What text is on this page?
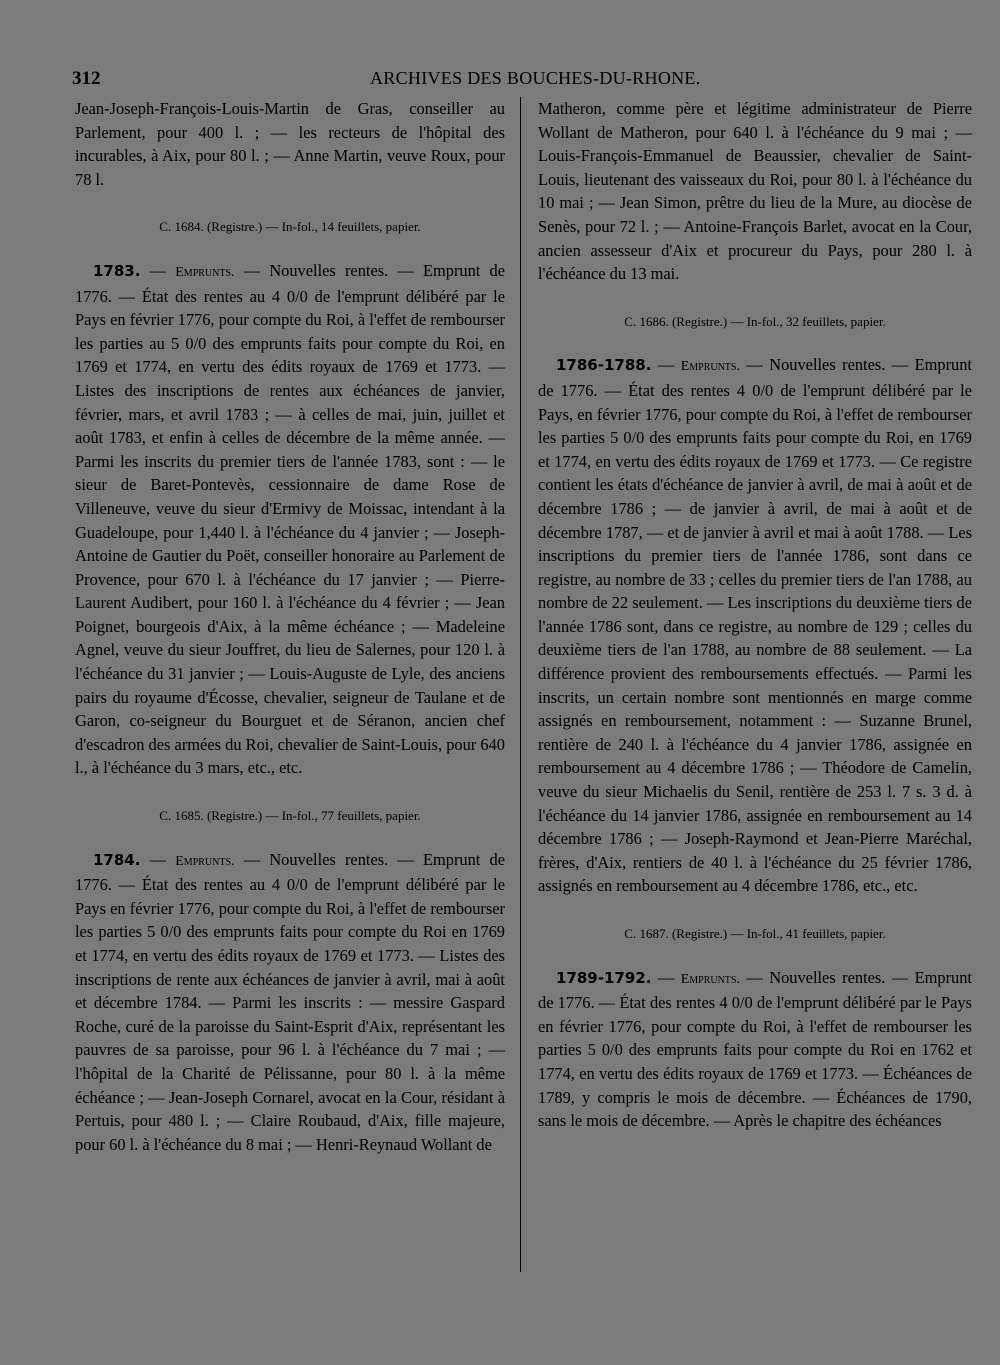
312	ARCHIVES DES BOUCHES-DU-RHONE.

Jean-Joseph-François-Louis-Martin de Gras, conseiller au Parlement, pour 400 l. ; — les recteurs de l'hôpital des incurables, à Aix, pour 80 l. ; — Anne Martin, veuve Roux, pour 78 l.

C. 1684. (Registre.) — In-fol., 14 feuillets, papier.

1783. — Emprunts. — Nouvelles rentes. — Emprunt de 1776. — État des rentes au 4 0/0 de l'emprunt délibéré par le Pays en février 1776, pour compte du Roi, à l'effet de rembourser les parties au 5 0/0 des emprunts faits pour compte du Roi, en 1769 et 1774, en vertu des édits royaux de 1769 et 1773. — Listes des inscriptions de rentes aux échéances de janvier, février, mars, et avril 1783 ; — à celles de mai, juin, juillet et août 1783, et enfin à celles de décembre de la même année. — Parmi les inscrits du premier tiers de l'année 1783, sont : — le sieur de Baret-Pontevès, cessionnaire de dame Rose de Villeneuve, veuve du sieur d'Ermivy de Moissac, intendant à la Guadeloupe, pour 1,440 l. à l'échéance du 4 janvier ; — Joseph-Antoine de Gautier du Poët, conseiller honoraire au Parlement de Provence, pour 670 l. à l'échéance du 17 janvier ; — Pierre-Laurent Audibert, pour 160 l. à l'échéance du 4 février ; — Jean Poignet, bourgeois d'Aix, à la même échéance ; — Madeleine Agnel, veuve du sieur Jouffret, du lieu de Salernes, pour 120 l. à l'échéance du 31 janvier ; — Louis-Auguste de Lyle, des anciens pairs du royaume d'Écosse, chevalier, seigneur de Taulane et de Garon, co-seigneur du Bourguet et de Séranon, ancien chef d'escadron des armées du Roi, chevalier de Saint-Louis, pour 640 l., à l'échéance du 3 mars, etc., etc.

C. 1685. (Registre.) — In-fol., 77 feuillets, papier.

1784. — Emprunts. — Nouvelles rentes. — Emprunt de 1776. — État des rentes au 4 0/0 de l'emprunt délibéré par le Pays en février 1776, pour compte du Roi, à l'effet de rembourser les parties 5 0/0 des emprunts faits pour compte du Roi en 1769 et 1774, en vertu des édits royaux de 1769 et 1773. — Listes des inscriptions de rente aux échéances de janvier à avril, mai à août et décembre 1784. — Parmi les inscrits : — messire Gaspard Roche, curé de la paroisse du Saint-Esprit d'Aix, représentant les pauvres de sa paroisse, pour 96 l. à l'échéance du 7 mai ; — l'hôpital de la Charité de Pélissanne, pour 80 l. à la même échéance ; — Jean-Joseph Cornarel, avocat en la Cour, résidant à Pertuis, pour 480 l. ; — Claire Roubaud, d'Aix, fille majeure, pour 60 l. à l'échéance du 8 mai ; — Henri-Reynaud Wollant de

Matheron, comme père et légitime administrateur de Pierre Wollant de Matheron, pour 640 l. à l'échéance du 9 mai ; — Louis-François-Emmanuel de Beaussier, chevalier de Saint-Louis, lieutenant des vaisseaux du Roi, pour 80 l. à l'échéance du 10 mai ; — Jean Simon, prêtre du lieu de la Mure, au diocèse de Senès, pour 72 l. ; — Antoine-François Barlet, avocat en la Cour, ancien assesseur d'Aix et procureur du Pays, pour 280 l. à l'échéance du 13 mai.

C. 1686. (Registre.) — In-fol., 32 feuillets, papier.

1786-1788. — Emprunts. — Nouvelles rentes. — Emprunt de 1776. — État des rentes 4 0/0 de l'emprunt délibéré par le Pays, en février 1776, pour compte du Roi, à l'effet de rembourser les parties 5 0/0 des emprunts faits pour compte du Roi, en 1769 et 1774, en vertu des édits royaux de 1769 et 1773. — Ce registre contient les états d'échéance de janvier à avril, de mai à août et de décembre 1786 ; — de janvier à avril, de mai à août et de décembre 1787, — et de janvier à avril et mai à août 1788. — Les inscriptions du premier tiers de l'année 1786, sont dans ce registre, au nombre de 33 ; celles du premier tiers de l'an 1788, au nombre de 22 seulement. — Les inscriptions du deuxième tiers de l'année 1786 sont, dans ce registre, au nombre de 129 ; celles du deuxième tiers de l'an 1788, au nombre de 88 seulement. — La différence provient des remboursements effectués. — Parmi les inscrits, un certain nombre sont mentionnés en marge comme assignés en remboursement, notamment : — Suzanne Brunel, rentière de 240 l. à l'échéance du 4 janvier 1786, assignée en remboursement au 4 décembre 1786 ; — Théodore de Camelin, veuve du sieur Michaelis du Senil, rentière de 253 l. 7 s. 3 d. à l'échéance du 14 janvier 1786, assignée en remboursement au 14 décembre 1786 ; — Joseph-Raymond et Jean-Pierre Maréchal, frères, d'Aix, rentiers de 40 l. à l'échéance du 25 février 1786, assignés en remboursement au 4 décembre 1786, etc., etc.

C. 1687. (Registre.) — In-fol., 41 feuillets, papier.

1789-1792. — Emprunts. — Nouvelles rentes. — Emprunt de 1776. — État des rentes 4 0/0 de l'emprunt délibéré par le Pays en février 1776, pour compte du Roi, à l'effet de rembourser les parties 5 0/0 des emprunts faits pour compte du Roi en 1762 et 1774, en vertu des édits royaux de 1769 et 1773. — Échéances de 1789, y compris le mois de décembre. — Échéances de 1790, sans le mois de décembre. — Après le chapitre des échéances
